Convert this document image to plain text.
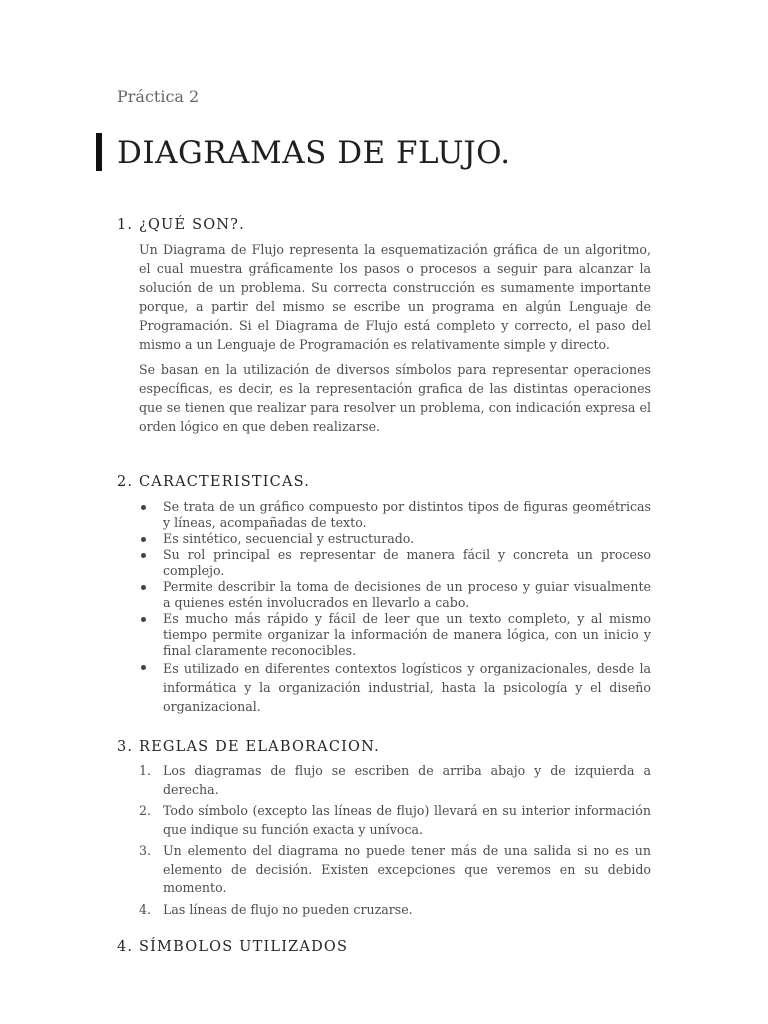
Práctica 2
DIAGRAMAS DE FLUJO.
1. ¿QUÉ SON?.
Un Diagrama de Flujo representa la esquematización gráfica de un algoritmo, el cual muestra gráficamente los pasos o procesos a seguir para alcanzar la solución de un problema. Su correcta construcción es sumamente importante porque, a partir del mismo se escribe un programa en algún Lenguaje de Programación. Si el Diagrama de Flujo está completo y correcto, el paso del mismo a un Lenguaje de Programación es relativamente simple y directo.
Se basan en la utilización de diversos símbolos para representar operaciones específicas, es decir, es la representación grafica de las distintas operaciones que se tienen que realizar para resolver un problema, con indicación expresa el orden lógico en que deben realizarse.
2. CARACTERISTICAS.
Se trata de un gráfico compuesto por distintos tipos de figuras geométricas y líneas, acompañadas de texto.
Es sintético, secuencial y estructurado.
Su rol principal es representar de manera fácil y concreta un proceso complejo.
Permite describir la toma de decisiones de un proceso y guiar visualmente a quienes estén involucrados en llevarlo a cabo.
Es mucho más rápido y fácil de leer que un texto completo, y al mismo tiempo permite organizar la información de manera lógica, con un inicio y final claramente reconocibles.
Es utilizado en diferentes contextos logísticos y organizacionales, desde la informática y la organización industrial, hasta la psicología y el diseño organizacional.
3. REGLAS DE ELABORACION.
1. Los diagramas de flujo se escriben de arriba abajo y de izquierda a derecha.
2. Todo símbolo (excepto las líneas de flujo) llevará en su interior información que indique su función exacta y unívoca.
3. Un elemento del diagrama no puede tener más de una salida si no es un elemento de decisión. Existen excepciones que veremos en su debido momento.
4. Las líneas de flujo no pueden cruzarse.
4. SÍMBOLOS UTILIZADOS
